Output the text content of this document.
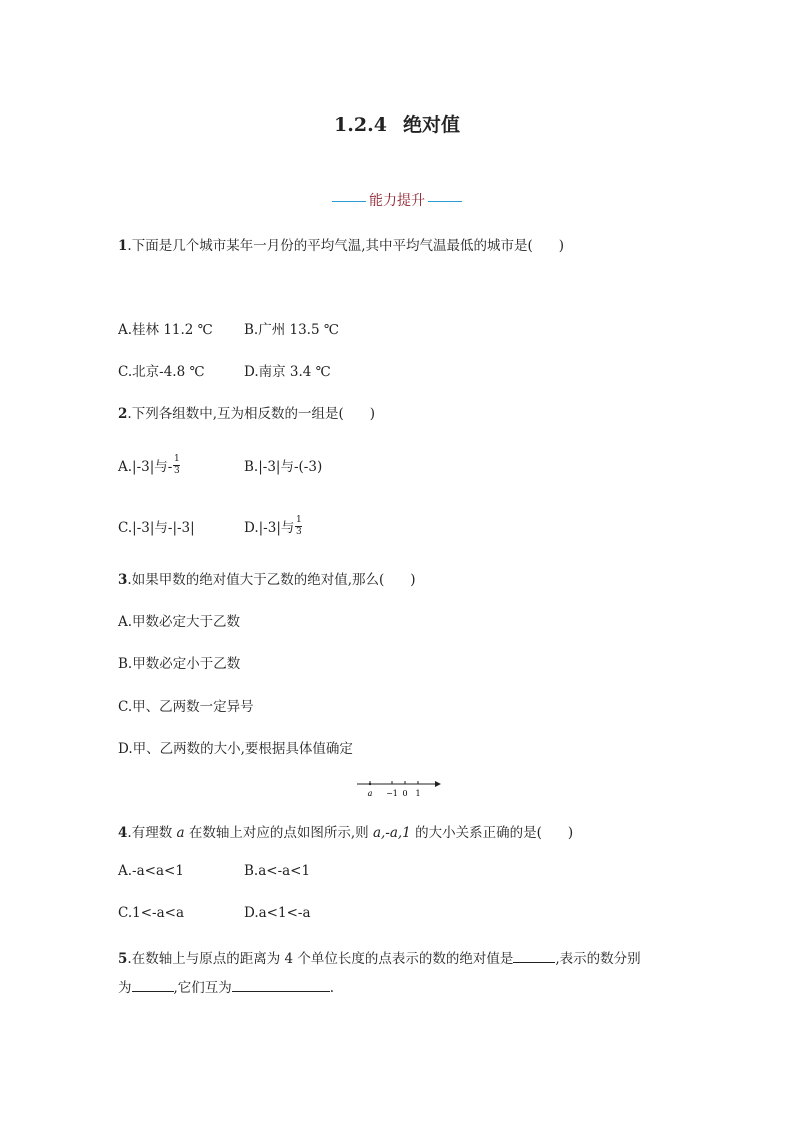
1.2.4 绝对值
能力提升
1.下面是几个城市某年一月份的平均气温,其中平均气温最低的城市是( )
A.桂林 11.2 ℃ B.广州 13.5 ℃
C.北京-4.8 ℃	D.南京 3.4 ℃
2.下列各组数中,互为相反数的一组是( )
A.|-3|与- $\frac{1}{3}$	B.|-3|与-(-3)
C.|-3|与-|-3|	D.|-3|与 $\frac{1}{3}$
3.如果甲数的绝对值大于乙数的绝对值,那么( )
A.甲数必定大于乙数
B.甲数必定小于乙数
C.甲、乙两数一定异号
D.甲、乙两数的大小,要根据具体值确定
a −1 0 1
4.有理数 a 在数轴上对应的点如图所示,则 a,-a,1 的大小关系正确的是( )
A.-a<a<1	B.a<-a<1
C.1<-a<a	D.a<1<-a
5.在数轴上与原点的距离为 4 个单位长度的点表示的数的绝对值是	,表示的数分别
为	,它们互为	.
